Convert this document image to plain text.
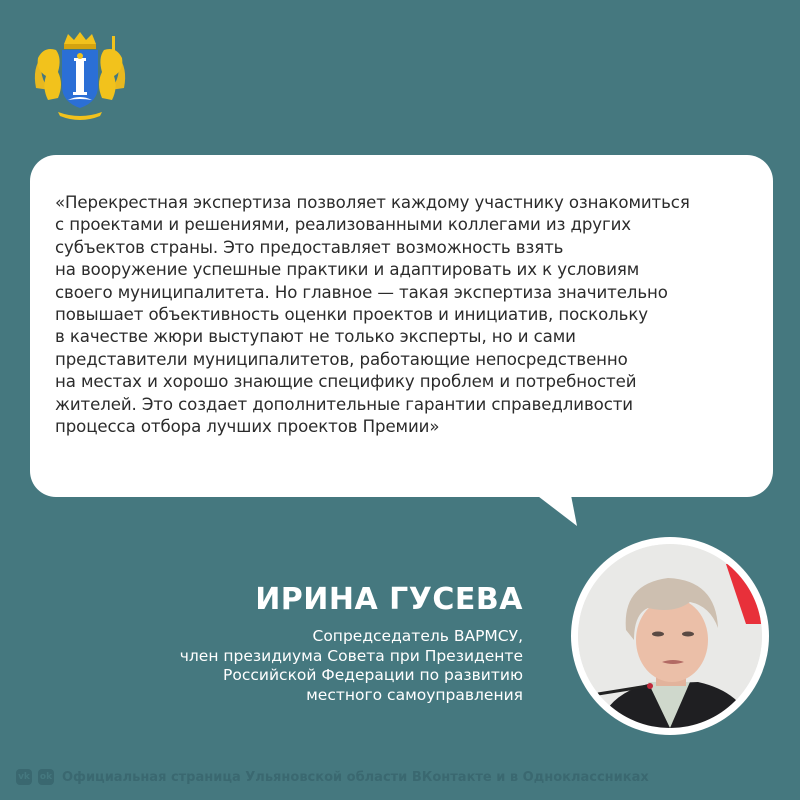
«Перекрестная экспертиза позволяет каждому участнику ознакомиться
с проектами и решениями, реализованными коллегами из других
субъектов страны. Это предоставляет возможность взять
на вооружение успешные практики и адаптировать их к условиям
своего муниципалитета. Но главное — такая экспертиза значительно
повышает объективность оценки проектов и инициатив, поскольку
в качестве жюри выступают не только эксперты, но и сами
представители муниципалитетов, работающие непосредственно
на местах и хорошо знающие специфику проблем и потребностей
жителей. Это создает дополнительные гарантии справедливости
процесса отбора лучших проектов Премии»
ИРИНА ГУСЕВА
Сопредседатель ВАРМСУ,
член президиума Совета при Президенте
Российской Федерации по развитию
местного самоуправления
vk ok Официальная страница Ульяновской области ВКонтакте и в Одноклассниках
